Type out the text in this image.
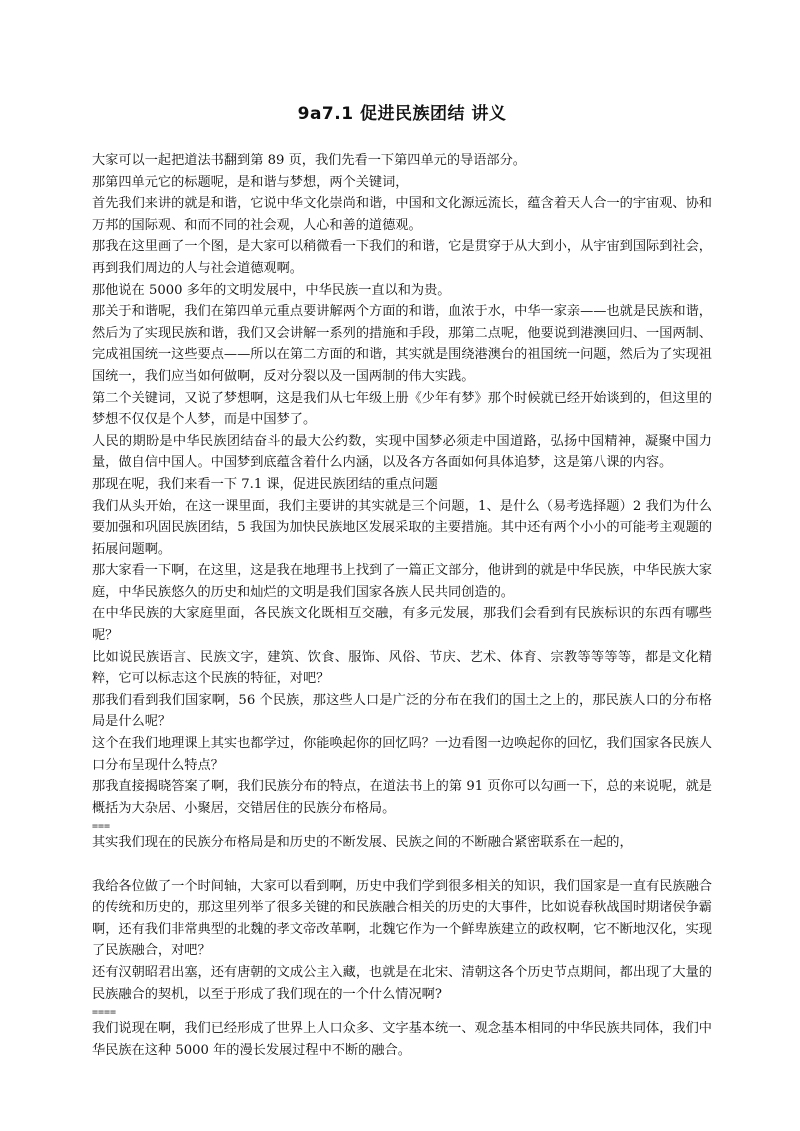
9a7.1 促进民族团结 讲义

大家可以一起把道法书翻到第 89 页，我们先看一下第四单元的导语部分。

那第四单元它的标题呢，是和谐与梦想，两个关键词，

首先我们来讲的就是和谐，它说中华文化崇尚和谐，中国和文化源远流长，蕴含着天人合一的宇宙观、协和万邦的国际观、和而不同的社会观，人心和善的道德观。

那我在这里画了一个图，是大家可以稍微看一下我们的和谐，它是贯穿于从大到小，从宇宙到国际到社会，再到我们周边的人与社会道德观啊。

那他说在 5000 多年的文明发展中，中华民族一直以和为贵。

那关于和谐呢，我们在第四单元重点要讲解两个方面的和谐，血浓于水，中华一家亲——也就是民族和谐，然后为了实现民族和谐，我们又会讲解一系列的措施和手段，那第二点呢，他要说到港澳回归、一国两制、完成祖国统一这些要点——所以在第二方面的和谐，其实就是围绕港澳台的祖国统一问题，然后为了实现祖国统一，我们应当如何做啊，反对分裂以及一国两制的伟大实践。

第二个关键词，又说了梦想啊，这是我们从七年级上册《少年有梦》那个时候就已经开始谈到的，但这里的梦想不仅仅是个人梦，而是中国梦了。

人民的期盼是中华民族团结奋斗的最大公约数，实现中国梦必须走中国道路，弘扬中国精神，凝聚中国力量，做自信中国人。中国梦到底蕴含着什么内涵，以及各方各面如何具体追梦，这是第八课的内容。

那现在呢，我们来看一下 7.1 课，促进民族团结的重点问题

我们从头开始，在这一课里面，我们主要讲的其实就是三个问题，1、是什么（易考选择题）2 我们为什么要加强和巩固民族团结，5 我国为加快民族地区发展采取的主要措施。其中还有两个小小的可能考主观题的拓展问题啊。

那大家看一下啊，在这里，这是我在地理书上找到了一篇正文部分，他讲到的就是中华民族，中华民族大家庭，中华民族悠久的历史和灿烂的文明是我们国家各族人民共同创造的。

在中华民族的大家庭里面，各民族文化既相互交融，有多元发展，那我们会看到有民族标识的东西有哪些呢？

比如说民族语言、民族文字，建筑、饮食、服饰、风俗、节庆、艺术、体育、宗教等等等等，都是文化精粹，它可以标志这个民族的特征，对吧？

那我们看到我们国家啊，56 个民族，那这些人口是广泛的分布在我们的国土之上的，那民族人口的分布格局是什么呢？

这个在我们地理课上其实也都学过，你能唤起你的回忆吗？一边看图一边唤起你的回忆，我们国家各民族人口分布呈现什么特点？

那我直接揭晓答案了啊，我们民族分布的特点，在道法书上的第 91 页你可以勾画一下，总的来说呢，就是概括为大杂居、小聚居，交错居住的民族分布格局。

===

其实我们现在的民族分布格局是和历史的不断发展、民族之间的不断融合紧密联系在一起的，

我给各位做了一个时间轴，大家可以看到啊，历史中我们学到很多相关的知识，我们国家是一直有民族融合的传统和历史的，那这里列举了很多关键的和民族融合相关的历史的大事件，比如说春秋战国时期诸侯争霸啊，还有我们非常典型的北魏的孝文帝改革啊，北魏它作为一个鲜卑族建立的政权啊，它不断地汉化，实现了民族融合，对吧？

还有汉朝昭君出塞，还有唐朝的文成公主入藏，也就是在北宋、清朝这各个历史节点期间，都出现了大量的民族融合的契机，以至于形成了我们现在的一个什么情况啊?

====

我们说现在啊，我们已经形成了世界上人口众多、文字基本统一、观念基本相同的中华民族共同体，我们中华民族在这种 5000 年的漫长发展过程中不断的融合。
